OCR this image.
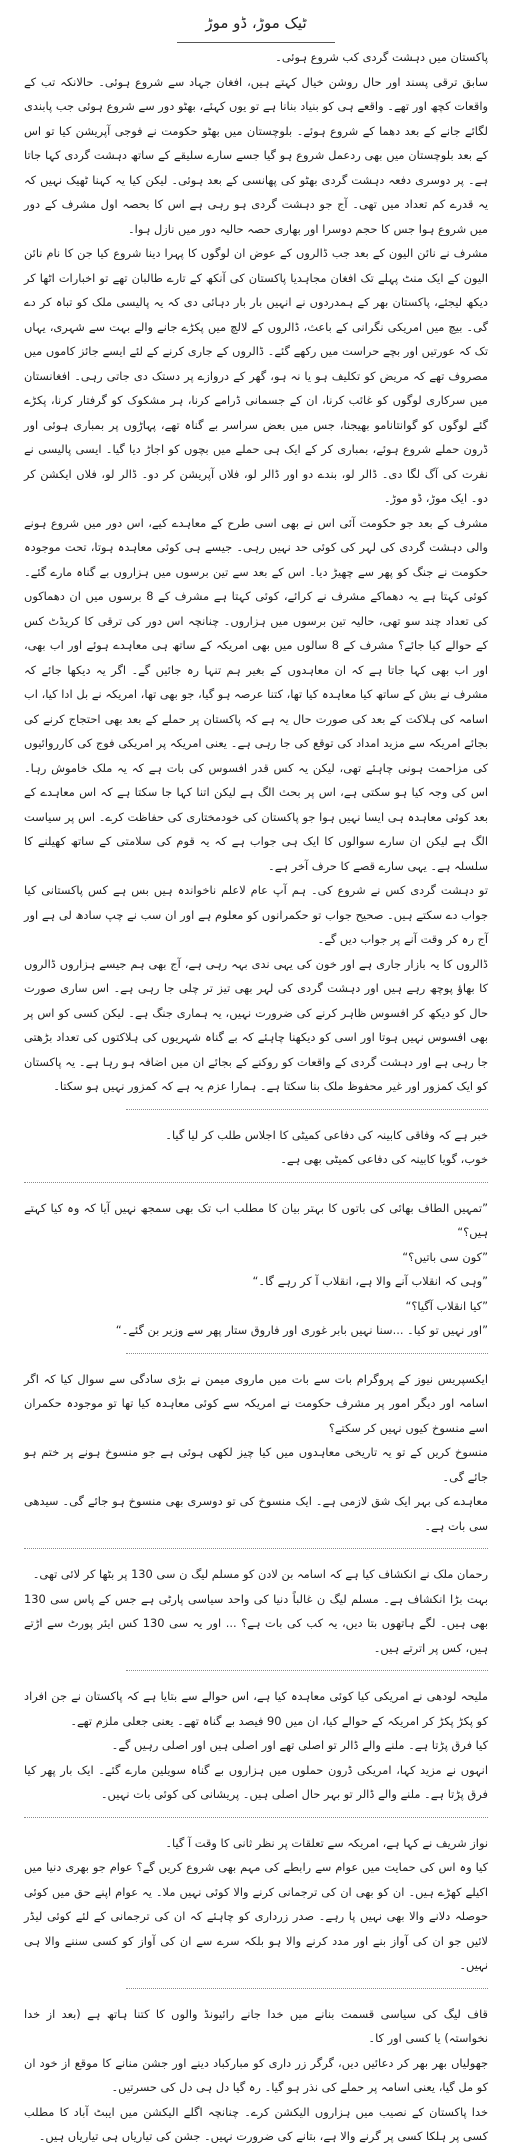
ٹیک موڑ، ڈو موڑ

پاکستان میں دہشت گردی کب شروع ہوئی۔

سابق ترقی پسند اور حال روشن خیال کہتے ہیں، افغان جہاد سے شروع ہوئی۔ حالانکہ تب کے واقعات کچھ اور تھے۔ واقعے ہی کو بنیاد بنانا ہے تو یوں کہئے، بھٹو دور سے شروع ہوئی جب پابندی لگائے جانے کے بعد دھما کے شروع ہوئے۔ بلوچستان میں بھٹو حکومت نے فوجی آپریشن کیا تو اس کے بعد بلوچستان میں بھی ردعمل شروع ہو گیا جسے سارے سلیقے کے ساتھ دہشت گردی کہا جاتا ہے۔ پر دوسری دفعہ دہشت گردی بھٹو کی پھانسی کے بعد ہوئی۔ لیکن کیا یہ کہنا ٹھیک نہیں کہ یہ قدرے کم تعداد میں تھی۔ آج جو دہشت گردی ہو رہی ہے اس کا بحصہ اول مشرف کے دور میں شروع ہوا جس کا حجم دوسرا اور بھاری حصہ حالیہ دور میں نازل ہوا۔

مشرف نے نائن الیون کے بعد جب ڈالروں کے عوض ان لوگوں کا پہرا دینا شروع کیا جن کا نام نائن الیون کے ایک منٹ پہلے تک افغان مجاہدیا پاکستان کی آنکھ کے تارے طالبان تھے تو اخبارات اٹھا کر دیکھ لیجئے، پاکستان بھر کے ہمدردوں نے انہیں بار بار دہائی دی کہ یہ پالیسی ملک کو تباہ کر دے گی۔ بیچ میں امریکی نگرانی کے باعث، ڈالروں کے لالچ میں پکڑے جانے والے بہت سے شہری، یہاں تک کہ عورتیں اور بچے حراست میں رکھے گئے۔ ڈالروں کے جاری کرنے کے لئے ایسے جائز کاموں میں مصروف تھے کہ مریض کو تکلیف ہو یا نہ ہو، گھر کے دروازے پر دستک دی جاتی رہی۔ افغانستان میں سرکاری لوگوں کو غائب کرنا، ان کے جسمانی ڈرامے کرنا، ہر مشکوک کو گرفتار کرنا، پکڑے گئے لوگوں کو گوانتانامو بھیجنا، جس میں بعض سراسر بے گناہ تھے، پہاڑوں پر بمباری ہوئی اور ڈرون حملے شروع ہوئے، بمباری کر کے ایک ہی حملے میں بچوں کو اجاڑ دیا گیا۔ ایسی پالیسی نے نفرت کی آگ لگا دی۔ ڈالر لو، بندے دو اور ڈالر لو، فلاں آپریشن کر دو۔ ڈالر لو، فلاں ایکشن کر دو۔ ایک موڑ، ڈو موڑ۔

مشرف کے بعد جو حکومت آئی اس نے بھی اسی طرح کے معاہدے کیے، اس دور میں شروع ہونے والی دہشت گردی کی لہر کی کوئی حد نہیں رہی۔ جیسے ہی کوئی معاہدہ ہوتا، تحت موجودہ حکومت نے جنگ کو پھر سے چھیڑ دیا۔ اس کے بعد سے تین برسوں میں ہزاروں بے گناہ مارے گئے۔ کوئی کہتا ہے یہ دھماکے مشرف نے کرائے، کوئی کہتا ہے مشرف کے 8 برسوں میں ان دھماکوں کی تعداد چند سو تھی، حالیہ تین برسوں میں ہزاروں۔ چنانچہ اس دور کی ترقی کا کریڈٹ کس کے حوالے کیا جائے؟ مشرف کے 8 سالوں میں بھی امریکہ کے ساتھ ہی معاہدے ہوئے اور اب بھی، اور اب بھی کہا جاتا ہے کہ ان معاہدوں کے بغیر ہم تنہا رہ جائیں گے۔ اگر یہ دیکھا جائے کہ مشرف نے بش کے ساتھ کیا معاہدہ کیا تھا، کتنا عرصہ ہو گیا، جو بھی تھا، امریکہ نے بل ادا کیا، اب اسامہ کی ہلاکت کے بعد کی صورت حال یہ ہے کہ پاکستان پر حملے کے بعد بھی احتجاج کرنے کی بجائے امریکہ سے مزید امداد کی توقع کی جا رہی ہے۔ یعنی امریکہ پر امریکی فوج کی کارروائیوں کی مزاحمت ہونی چاہئے تھی، لیکن یہ کس قدر افسوس کی بات ہے کہ یہ ملک خاموش رہا۔ اس کی وجہ کیا ہو سکتی ہے، اس پر بحث الگ ہے لیکن اتنا کہا جا سکتا ہے کہ اس معاہدے کے بعد کوئی معاہدہ ہی ایسا نہیں ہوا جو پاکستان کی خودمختاری کی حفاظت کرے۔ اس پر سیاست الگ ہے لیکن ان سارے سوالوں کا ایک ہی جواب ہے کہ یہ قوم کی سلامتی کے ساتھ کھیلنے کا سلسلہ ہے۔ یہی سارے قصے کا حرف آخر ہے۔

تو دہشت گردی کس نے شروع کی۔ ہم آپ عام لاعلم ناخواندہ ہیں بس ہے کس پاکستانی کیا جواب دے سکتے ہیں۔ صحیح جواب تو حکمرانوں کو معلوم ہے اور ان سب نے چپ سادھ لی ہے اور آج رہ کر وقت آنے پر جواب دیں گے۔

ڈالروں کا یہ بازار جاری ہے اور خون کی یہی ندی بہہ رہی ہے، آج بھی ہم جیسے ہزاروں ڈالروں کا بھاؤ پوچھ رہے ہیں اور دہشت گردی کی لہر بھی تیز تر چلی جا رہی ہے۔ اس ساری صورت حال کو دیکھ کر افسوس ظاہر کرنے کی ضرورت نہیں، یہ ہماری جنگ ہے۔ لیکن کسی کو اس پر بھی افسوس نہیں ہوتا اور اسی کو دیکھنا چاہئے کہ بے گناہ شہریوں کی ہلاکتوں کی تعداد بڑھتی جا رہی ہے اور دہشت گردی کے واقعات کو روکنے کے بجائے ان میں اضافہ ہو رہا ہے۔ یہ پاکستان کو ایک کمزور اور غیر محفوظ ملک بنا سکتا ہے۔ ہمارا عزم یہ ہے کہ کمزور نہیں ہو سکتا۔

خبر ہے کہ وفاقی کابینہ کی دفاعی کمیٹی کا اجلاس طلب کر لیا گیا۔

خوب، گویا کابینہ کی دفاعی کمیٹی بھی ہے۔

”تمہیں الطاف بھائی کی باتوں کا بہتر بیان کا مطلب اب تک بھی سمجھ نہیں آیا کہ وہ کیا کہتے ہیں؟“

”کون سی باتیں؟“

”وہی کہ انقلاب آنے والا ہے، انقلاب آ کر رہے گا۔“

”کیا انقلاب آگیا؟“

”اور نہیں تو کیا۔ ...سنا نہیں بابر غوری اور فاروق ستار پھر سے وزیر بن گئے۔“

ایکسپریس نیوز کے پروگرام بات سے بات میں ماروی میمن نے بڑی سادگی سے سوال کیا کہ اگر اسامہ اور دیگر امور پر مشرف حکومت نے امریکہ سے کوئی معاہدہ کیا تھا تو موجودہ حکمران اسے منسوخ کیوں نہیں کر سکتے؟

منسوخ کریں کے تو یہ تاریخی معاہدوں میں کیا چیز لکھی ہوئی ہے جو منسوخ ہونے پر ختم ہو جائے گی۔

معاہدے کی بہر ایک شق لازمی ہے۔ ایک منسوخ کی تو دوسری بھی منسوخ ہو جائے گی۔ سیدھی سی بات ہے۔

رحمان ملک نے انکشاف کیا ہے کہ اسامہ بن لادن کو مسلم لیگ ن سی 130 پر بٹھا کر لائی تھی۔

بہت بڑا انکشاف ہے۔ مسلم لیگ ن غالباً دنیا کی واحد سیاسی پارٹی ہے جس کے پاس سی 130 بھی ہیں۔ لگے ہاتھوں بتا دیں، یہ کب کی بات ہے؟ ... اور یہ سی 130 کس ایئر پورٹ سے اڑتے ہیں، کس پر اترتے ہیں۔

ملیحہ لودھی نے امریکی کیا کوئی معاہدہ کیا ہے، اس حوالے سے بتایا ہے کہ پاکستان نے جن افراد کو پکڑ پکڑ کر امریکہ کے حوالے کیا، ان میں 90 فیصد بے گناہ تھے۔ یعنی جعلی ملزم تھے۔

کیا فرق پڑتا ہے۔ ملنے والے ڈالر تو اصلی تھے اور اصلی ہیں اور اصلی رہیں گے۔

انہوں نے مزید کہا، امریکی ڈرون حملوں میں ہزاروں بے گناہ سویلین مارے گئے۔ ایک بار پھر کیا فرق پڑتا ہے۔ ملنے والے ڈالر تو بہر حال اصلی ہیں۔ پریشانی کی کوئی بات نہیں۔

نواز شریف نے کہا ہے، امریکہ سے تعلقات پر نظر ثانی کا وقت آ گیا۔

کیا وہ اس کی حمایت میں عوام سے رابطے کی مہم بھی شروع کریں گے؟ عوام جو بھری دنیا میں اکیلے کھڑے ہیں۔ ان کو بھی ان کی ترجمانی کرنے والا کوئی نہیں ملا۔ یہ عوام اپنے حق میں کوئی حوصلہ دلانے والا بھی نہیں پا رہے۔ صدر زرداری کو چاہئے کہ ان کی ترجمانی کے لئے کوئی لیڈر لائیں جو ان کی آواز بنے اور مدد کرنے والا ہو بلکہ سرے سے ان کی آواز کو کسی سننے والا ہی نہیں۔

قاف لیگ کی سیاسی قسمت بنانے میں خدا جانے رائیونڈ والوں کا کتنا ہاتھ ہے (بعد از خدا نخواستہ) یا کسی اور کا۔

جھولیاں بھر بھر کر دعائیں دیں، گرگر زر داری کو مبارکباد دینے اور جشن منانے کا موقع از خود ان کو مل گیا، یعنی اسامہ پر حملے کی نذر ہو گیا۔ رہ گیا دل ہی دل کی حسرتیں۔

خدا پاکستان کے نصیب میں ہزاروں الیکشن کرے۔ چنانچہ اگلے الیکشن میں ایبٹ آباد کا مطلب کسی پر ہلکا کسی پر گرنے والا ہے، بتانے کی ضرورت نہیں۔ جشن کی تیاریاں ہی تیاریاں ہیں۔
